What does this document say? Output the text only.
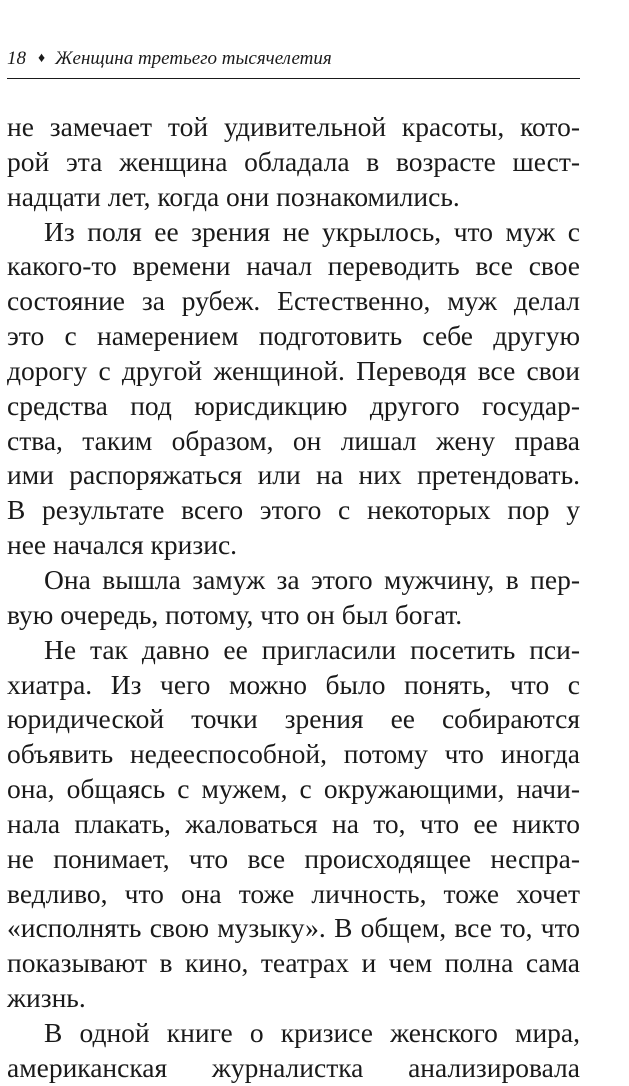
18 ♦ Женщина третьего тысячелетия
не замечает той удивительной красоты, кото-
рой эта женщина обладала в возрасте шест-
надцати лет, когда они познакомились.
Из поля ее зрения не укрылось, что муж с
какого-то времени начал переводить все свое
состояние за рубеж. Естественно, муж делал
это с намерением подготовить себе другую
дорогу с другой женщиной. Переводя все свои
средства под юрисдикцию другого государ-
ства, таким образом, он лишал жену права
ими распоряжаться или на них претендовать.
В результате всего этого с некоторых пор у
нее начался кризис.
Она вышла замуж за этого мужчину, в пер-
вую очередь, потому, что он был богат.
Не так давно ее пригласили посетить пси-
хиатра. Из чего можно было понять, что с
юридической точки зрения ее собираются
объявить недееспособной, потому что иногда
она, общаясь с мужем, с окружающими, начи-
нала плакать, жаловаться на то, что ее никто
не понимает, что все происходящее неспра-
ведливо, что она тоже личность, тоже хочет
«исполнять свою музыку». В общем, все то, что
показывают в кино, театрах и чем полна сама
жизнь.
В одной книге о кризисе женского мира,
американская журналистка анализировала
